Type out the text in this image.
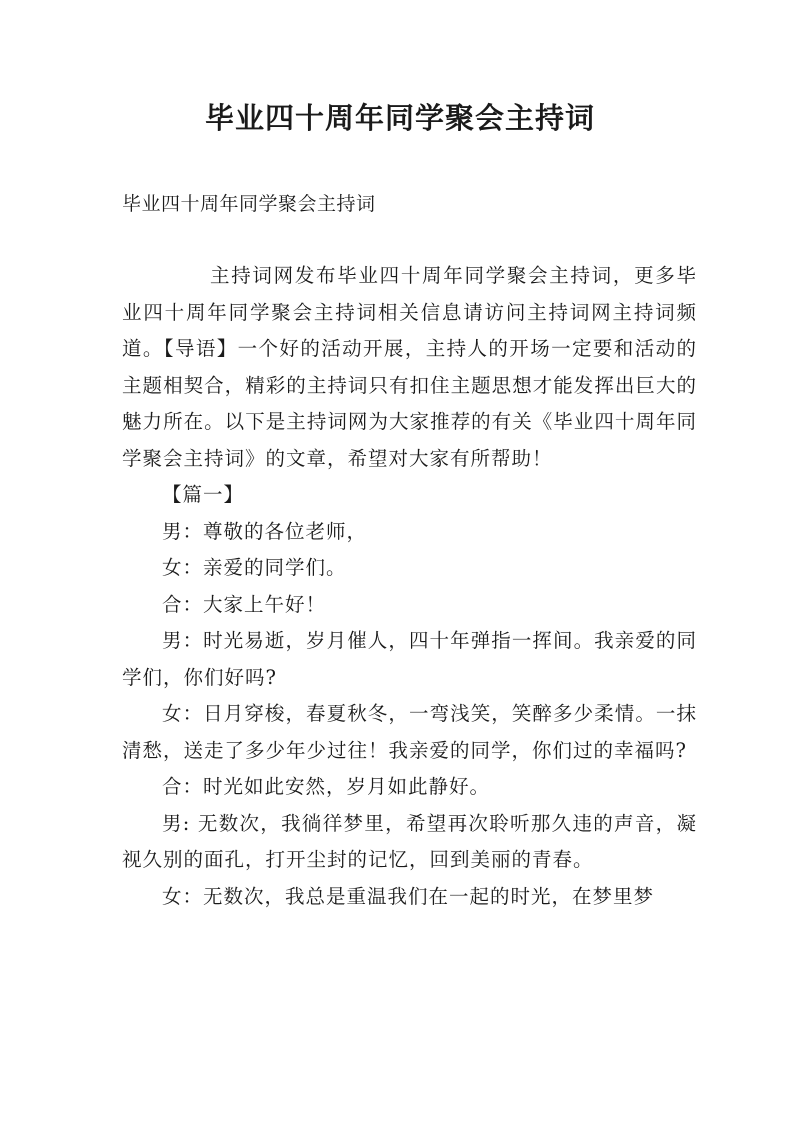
毕业四十周年同学聚会主持词

毕业四十周年同学聚会主持词

主持词网发布毕业四十周年同学聚会主持词，更多毕业四十周年同学聚会主持词相关信息请访问主持词网主持词频道。【导语】一个好的活动开展，主持人的开场一定要和活动的主题相契合，精彩的主持词只有扣住主题思想才能发挥出巨大的魅力所在。以下是主持词网为大家推荐的有关《毕业四十周年同学聚会主持词》的文章，希望对大家有所帮助！

【篇一】

男：尊敬的各位老师，

女：亲爱的同学们。

合：大家上午好！

男：时光易逝，岁月催人，四十年弹指一挥间。我亲爱的同学们，你们好吗?

女：日月穿梭，春夏秋冬，一弯浅笑，笑醉多少柔情。一抹清愁，送走了多少年少过往！我亲爱的同学，你们过的幸福吗?

合：时光如此安然，岁月如此静好。

男: 无数次，我徜徉梦里，希望再次聆听那久违的声音，凝视久别的面孔，打开尘封的记忆，回到美丽的青春。

女：无数次，我总是重温我们在一起的时光，在梦里梦
